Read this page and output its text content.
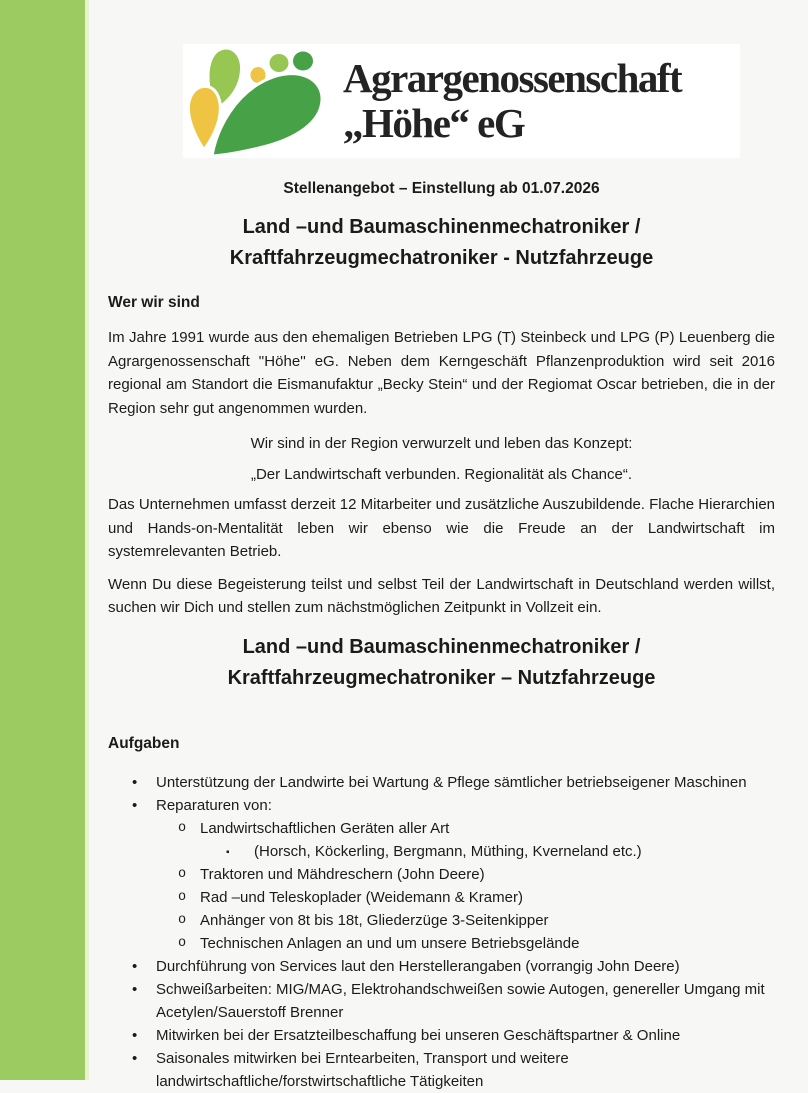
Agrargenossenschaft
„Höhe“ eG
Stellenangebot – Einstellung ab 01.07.2026
Land –und Baumaschinenmechatroniker /
Kraftfahrzeugmechatroniker - Nutzfahrzeuge
Wer wir sind

Im Jahre 1991 wurde aus den ehemaligen Betrieben LPG (T) Steinbeck und LPG (P) Leuenberg die Agrargenossenschaft ''Höhe'' eG. Neben dem Kerngeschäft Pflanzenproduktion wird seit 2016 regional am Standort die Eismanufaktur „Becky Stein“ und der Regiomat Oscar betrieben, die in der Region sehr gut angenommen wurden.

Wir sind in der Region verwurzelt und leben das Konzept:

„Der Landwirtschaft verbunden. Regionalität als Chance“.

Das Unternehmen umfasst derzeit 12 Mitarbeiter und zusätzliche Auszubildende. Flache Hierarchien und Hands-on-Mentalität leben wir ebenso wie die Freude an der Landwirtschaft im systemrelevanten Betrieb.

Wenn Du diese Begeisterung teilst und selbst Teil der Landwirtschaft in Deutschland werden willst, suchen wir Dich und stellen zum nächstmöglichen Zeitpunkt in Vollzeit ein.

Land –und Baumaschinenmechatroniker /
Kraftfahrzeugmechatroniker – Nutzfahrzeuge
Aufgaben
• Unterstützung der Landwirte bei Wartung & Pflege sämtlicher betriebseigener Maschinen
• Reparaturen von:
o Landwirtschaftlichen Geräten aller Art
▪ (Horsch, Köckerling, Bergmann, Müthing, Kverneland etc.)
o Traktoren und Mähdreschern (John Deere)
o Rad –und Teleskoplader (Weidemann & Kramer)
o Anhänger von 8t bis 18t, Gliederzüge 3-Seitenkipper
o Technischen Anlagen an und um unsere Betriebsgelände
• Durchführung von Services laut den Herstellerangaben (vorrangig John Deere)
• Schweißarbeiten: MIG/MAG, Elektrohandschweißen sowie Autogen, genereller Umgang mit Acetylen/Sauerstoff Brenner
• Mitwirken bei der Ersatzteilbeschaffung bei unseren Geschäftspartner & Online
• Saisonales mitwirken bei Erntearbeiten, Transport und weitere landwirtschaftliche/forstwirtschaftliche Tätigkeiten
